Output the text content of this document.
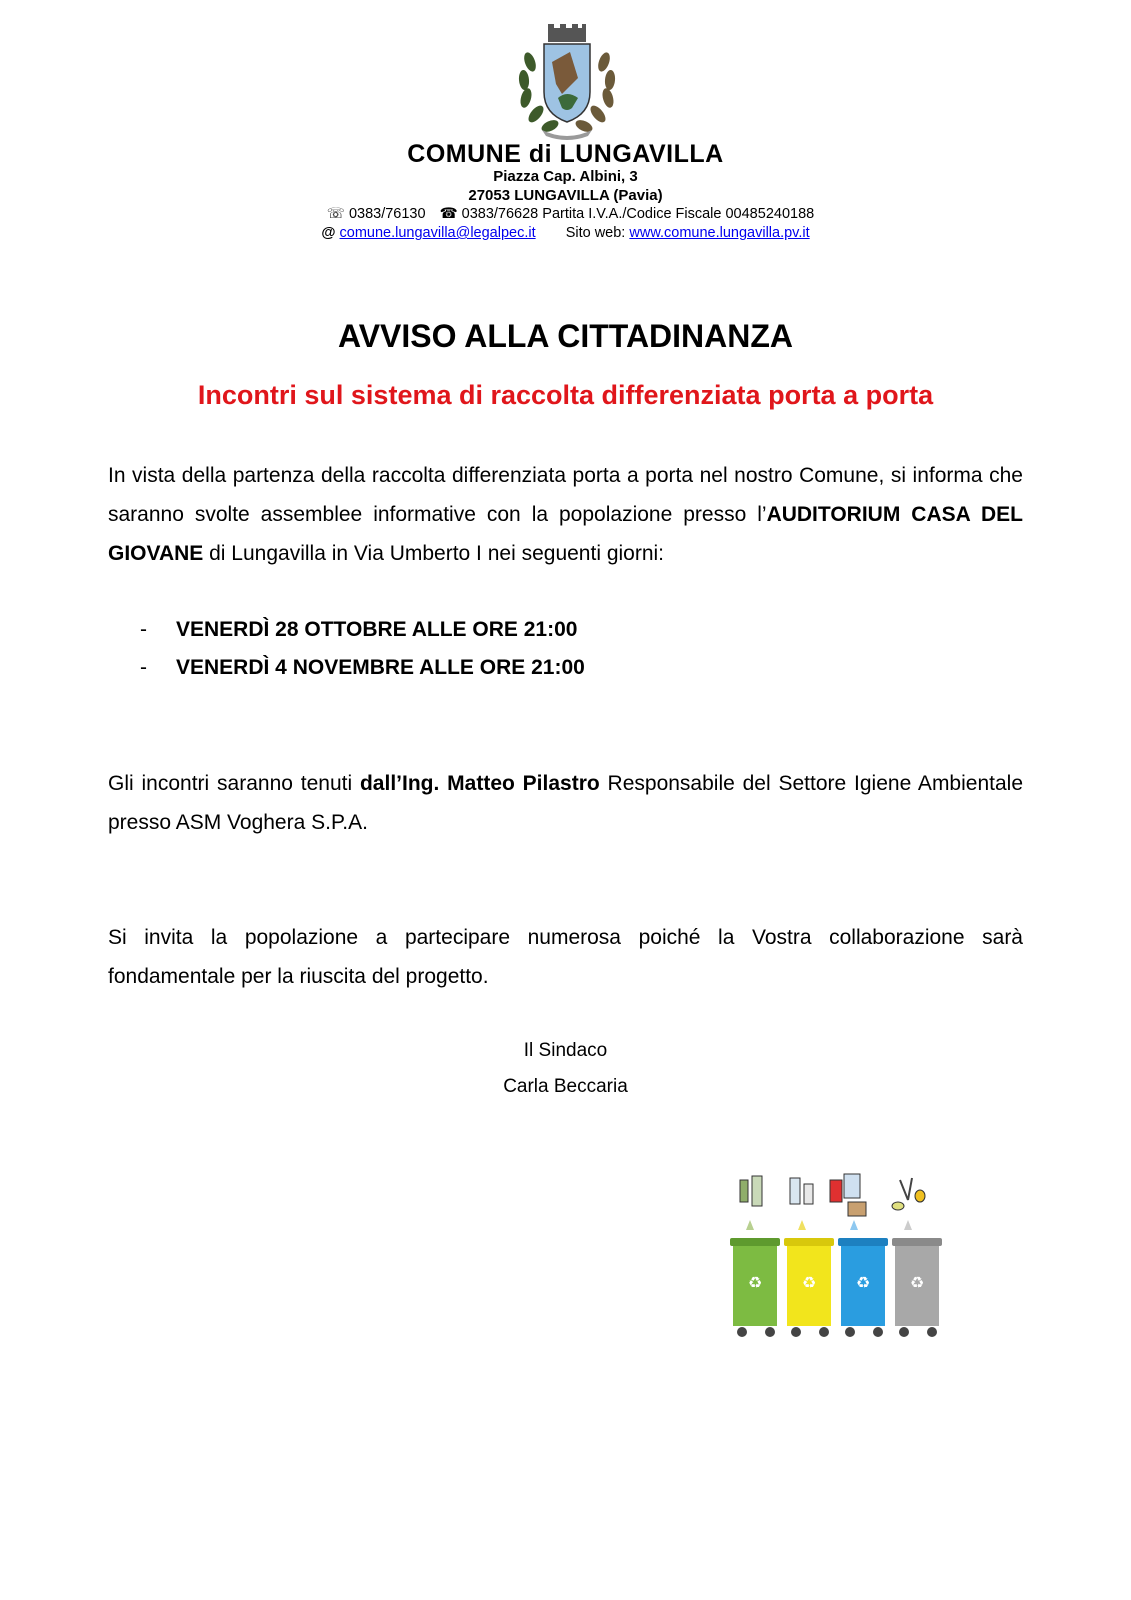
COMUNE di LUNGAVILLA
Piazza Cap. Albini, 3
27053 LUNGAVILLA (Pavia)
☏ 0383/76130 ☎ 0383/76628 Partita I.V.A./Codice Fiscale 00485240188
@ comune.lungavilla@legalpec.it Sito web: www.comune.lungavilla.pv.it
AVVISO ALLA CITTADINANZA
Incontri sul sistema di raccolta differenziata porta a porta
In vista della partenza della raccolta differenziata porta a porta nel nostro Comune, si informa che saranno svolte assemblee informative con la popolazione presso l’AUDITORIUM CASA DEL GIOVANE di Lungavilla in Via Umberto I nei seguenti giorni:
- VENERDÌ 28 OTTOBRE ALLE ORE 21:00
- VENERDÌ 4 NOVEMBRE ALLE ORE 21:00
Gli incontri saranno tenuti dall’Ing. Matteo Pilastro Responsabile del Settore Igiene Ambientale presso ASM Voghera S.P.A.
Si invita la popolazione a partecipare numerosa poiché la Vostra collaborazione sarà fondamentale per la riuscita del progetto.
Il Sindaco
Carla Beccaria
♻ ♻ ♻ ♻
